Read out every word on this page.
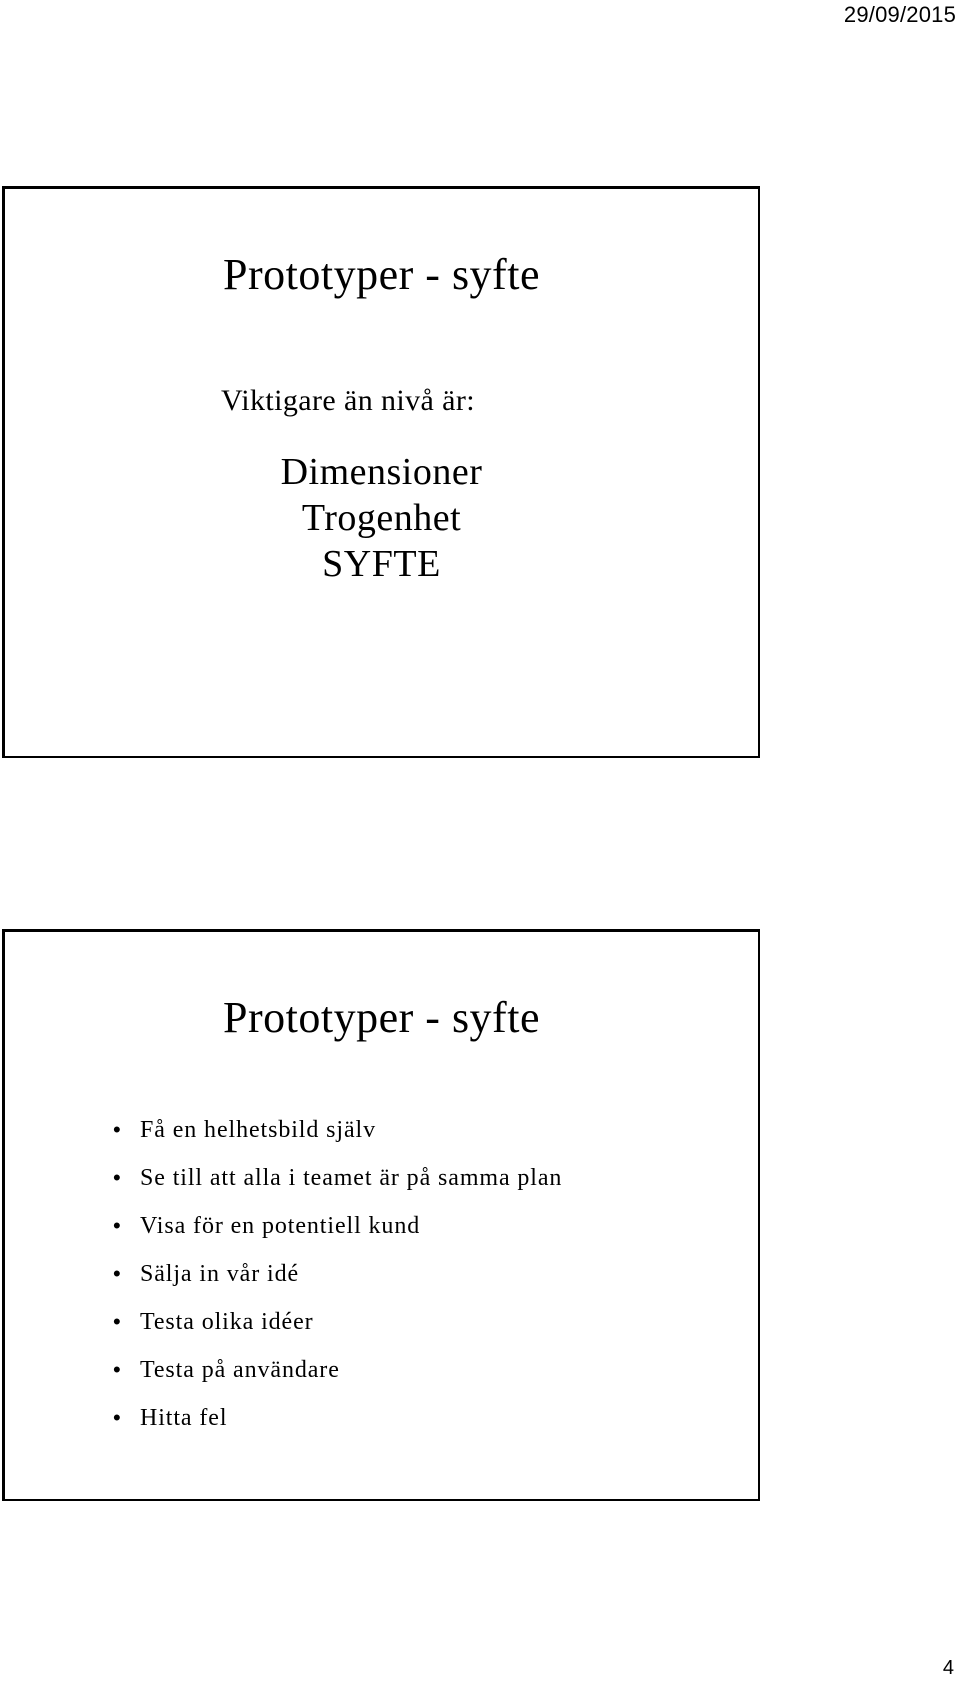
29/09/2015
Prototyper - syfte
Viktigare än nivå är:
Dimensioner
Trogenhet
SYFTE
Prototyper - syfte
• Få en helhetsbild själv
• Se till att alla i teamet är på samma plan
• Visa för en potentiell kund
• Sälja in vår idé
• Testa olika idéer
• Testa på användare
• Hitta fel
4
